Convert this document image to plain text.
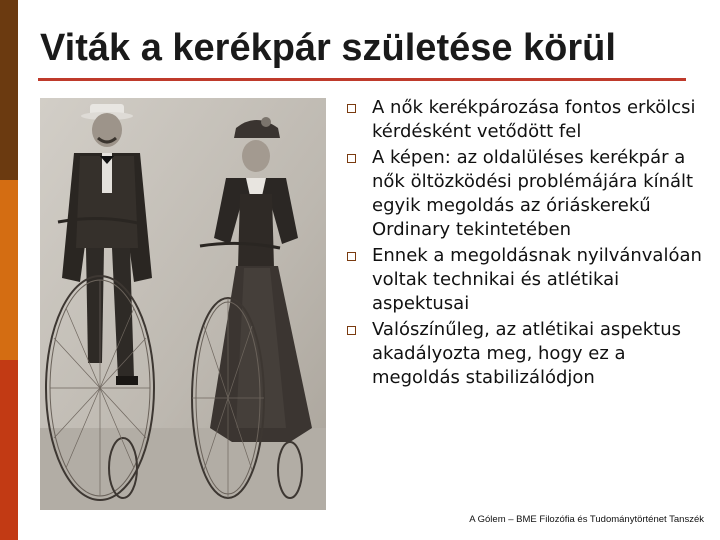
Viták a kerékpár születése körül
A nők kerékpározása fontos erkölcsi kérdésként vetődött fel
A képen: az oldalüléses kerékpár a nők öltözködési problémájára kínált egyik megoldás az óriáskerekű Ordinary tekintetében
Ennek a megoldásnak nyilvánvalóan voltak technikai és atlétikai aspektusai
Valószínűleg, az atlétikai aspektus akadályozta meg, hogy ez a megoldás stabilizálódjon
A Gólem – BME Filozófia és Tudománytörténet Tanszék
